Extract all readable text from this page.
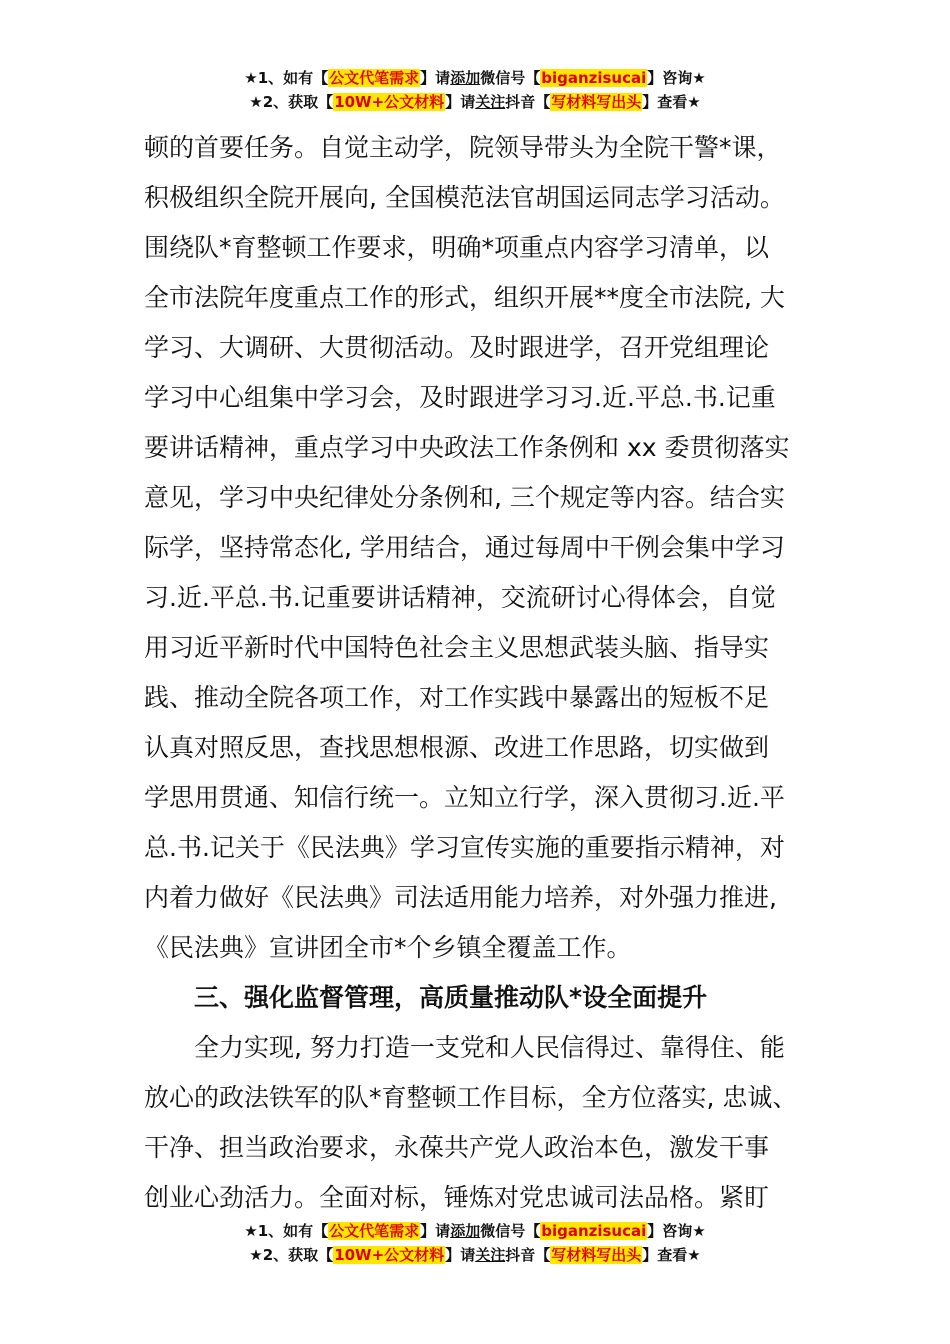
★1、如有【公文代笔需求】请添加微信号【biganzisucai】咨询★
★2、获取【10W+公文材料】请关注抖音【写材料写出头】查看★
顿的首要任务。自觉主动学，院领导带头为全院干警*课，
积极组织全院开展向, 全国模范法官胡国运同志学习活动。
围绕队*育整顿工作要求，明确*项重点内容学习清单，以
全市法院年度重点工作的形式，组织开展**度全市法院, 大
学习、大调研、大贯彻活动。及时跟进学，召开党组理论
学习中心组集中学习会，及时跟进学习习.近.平总.书.记重
要讲话精神，重点学习中央政法工作条例和 xx 委贯彻落实
意见，学习中央纪律处分条例和, 三个规定等内容。结合实
际学，坚持常态化, 学用结合，通过每周中干例会集中学习
习.近.平总.书.记重要讲话精神，交流研讨心得体会，自觉
用习近平新时代中国特色社会主义思想武装头脑、指导实
践、推动全院各项工作，对工作实践中暴露出的短板不足
认真对照反思，查找思想根源、改进工作思路，切实做到
学思用贯通、知信行统一。立知立行学，深入贯彻习.近.平
总.书.记关于《民法典》学习宣传实施的重要指示精神，对
内着力做好《民法典》司法适用能力培养，对外强力推进,
《民法典》宣讲团全市*个乡镇全覆盖工作。
三、强化监督管理，高质量推动队*设全面提升
全力实现, 努力打造一支党和人民信得过、靠得住、能
放心的政法铁军的队*育整顿工作目标，全方位落实, 忠诚、
干净、担当政治要求，永葆共产党人政治本色，激发干事
创业心劲活力。全面对标，锤炼对党忠诚司法品格。紧盯
★1、如有【公文代笔需求】请添加微信号【biganzisucai】咨询★
★2、获取【10W+公文材料】请关注抖音【写材料写出头】查看★
